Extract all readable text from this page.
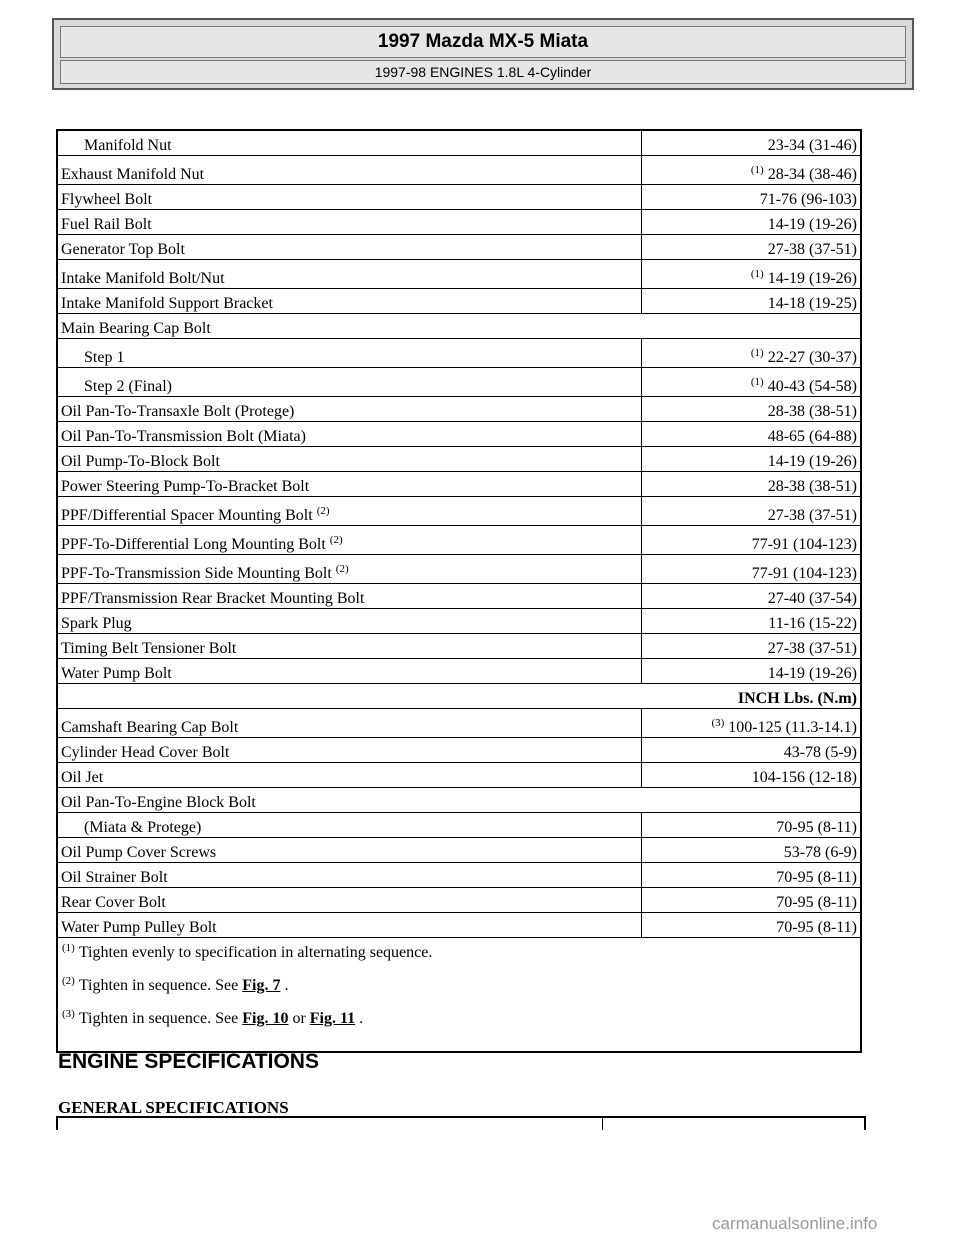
1997 Mazda MX-5 Miata
1997-98 ENGINES 1.8L 4-Cylinder
Manifold Nut	23-34 (31-46)
Exhaust Manifold Nut	$^{(1)}$ 28-34 (38-46)
Flywheel Bolt	71-76 (96-103)
Fuel Rail Bolt	14-19 (19-26)
Generator Top Bolt	27-38 (37-51)
Intake Manifold Bolt/Nut	$^{(1)}$ 14-19 (19-26)
Intake Manifold Support Bracket	14-18 (19-25)
Main Bearing Cap Bolt	
Step 1	$^{(1)}$ 22-27 (30-37)
Step 2 (Final)	$^{(1)}$ 40-43 (54-58)
Oil Pan-To-Transaxle Bolt (Protege)	28-38 (38-51)
Oil Pan-To-Transmission Bolt (Miata)	48-65 (64-88)
Oil Pump-To-Block Bolt	14-19 (19-26)
Power Steering Pump-To-Bracket Bolt	28-38 (38-51)
PPF/Differential Spacer Mounting Bolt $^{(2)}$	27-38 (37-51)
PPF-To-Differential Long Mounting Bolt $^{(2)}$	77-91 (104-123)
PPF-To-Transmission Side Mounting Bolt $^{(2)}$	77-91 (104-123)
PPF/Transmission Rear Bracket Mounting Bolt	27-40 (37-54)
Spark Plug	11-16 (15-22)
Timing Belt Tensioner Bolt	27-38 (37-51)
Water Pump Bolt	14-19 (19-26)
INCH Lbs. (N.m)	
Camshaft Bearing Cap Bolt	$^{(3)}$ 100-125 (11.3-14.1)
Cylinder Head Cover Bolt	43-78 (5-9)
Oil Jet	104-156 (12-18)
Oil Pan-To-Engine Block Bolt	
(Miata & Protege)	70-95 (8-11)
Oil Pump Cover Screws	53-78 (6-9)
Oil Strainer Bolt	70-95 (8-11)
Rear Cover Bolt	70-95 (8-11)
Water Pump Pulley Bolt	70-95 (8-11)

$^{(1)}$ Tighten evenly to specification in alternating sequence.
$^{(2)}$ Tighten in sequence. See Fig. 7 .
$^{(3)}$ Tighten in sequence. See Fig. 10 or Fig. 11 .	
ENGINE SPECIFICATIONS
GENERAL SPECIFICATIONS
carmanualsonline.info
